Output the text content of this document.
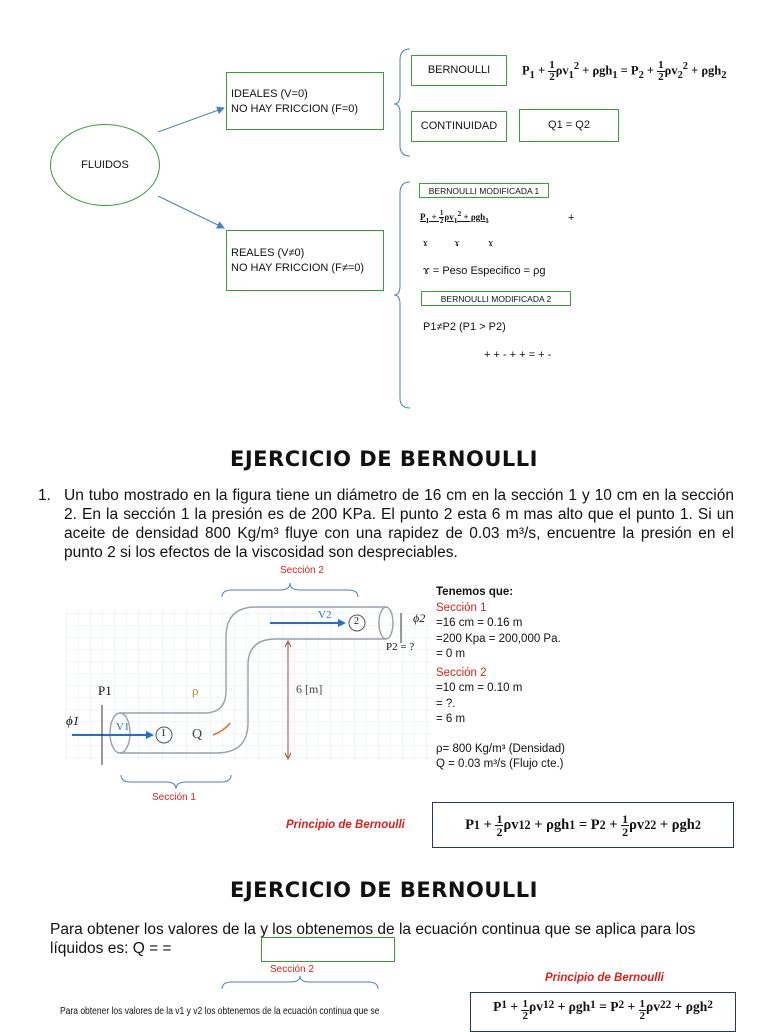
FLUIDOS
IDEALES (V=0)
NO HAY FRICCION (F=0)
BERNOULLI	$P_1 + \frac{1}{2} \rho v_1^2 + \rho gh_1 = P_2 + \frac{1}{2} \rho v_2^2 + \rho gh_2$
CONTINUIDAD	Q1 = Q2
REALES (V≠0)
NO HAY FRICCION (F≠=0)
BERNOULLI MODIFICADA 1
$P_1 + \frac{1}{2} \rho v_1^2 + \rho gh_1$	+
ɤ ɤ	ɤ
ɤ = Peso Especifico = ρg
BERNOULLI MODIFICADA 2
P1≠P2 (P1 > P2)
+ + - + + = + -
EJERCICIO DE BERNOULLI
1. Un tubo mostrado en la figura tiene un diámetro de 16 cm en la sección 1 y 10 cm en la sección 2. En la sección 1 la presión es de 200 KPa. El punto 2 esta 6 m mas alto que el punto 1. Si un aceite de densidad 800 Kg/m³ fluye con una rapidez de 0.03 m³/s, encuentre la presión en el punto 2 si los efectos de la viscosidad son despreciables.
Sección 2
Sección 1
ϕ1
P1
V1
1 Q
ρ	6 [m]
V2
2	ϕ2
P2 = ?
Tenemos que:
Sección 1
=16 cm = 0.16 m
=200 Kpa = 200,000 Pa.
= 0 m
Sección 2
=10 cm = 0.10 m
= ?.
= 6 m
ρ= 800 Kg/m³ (Densidad)
Q = 0.03 m³/s (Flujo cte.)
Principio de Bernoulli	P $1 + \frac{1}{2}$ ρv 1 2 + ρgh 1 = P $2 + \frac{1}{2}$ ρv 2 2 + ρgh 2
EJERCICIO DE BERNOULLI
Para obtener los valores de la y los obtenemos de la ecuación continua que se aplica para los líquidos es: Q = =
Sección 2
Principio de Bernoulli
P $1 + \frac{1}{2} \rho v^1$ 2 + ρgh 1 = P $2 + \frac{1}{2} \rho v^2$ 2 + ρgh 2
Para obtener los valores de la v1 y v2 los obtenemos de la ecuación continua que se
